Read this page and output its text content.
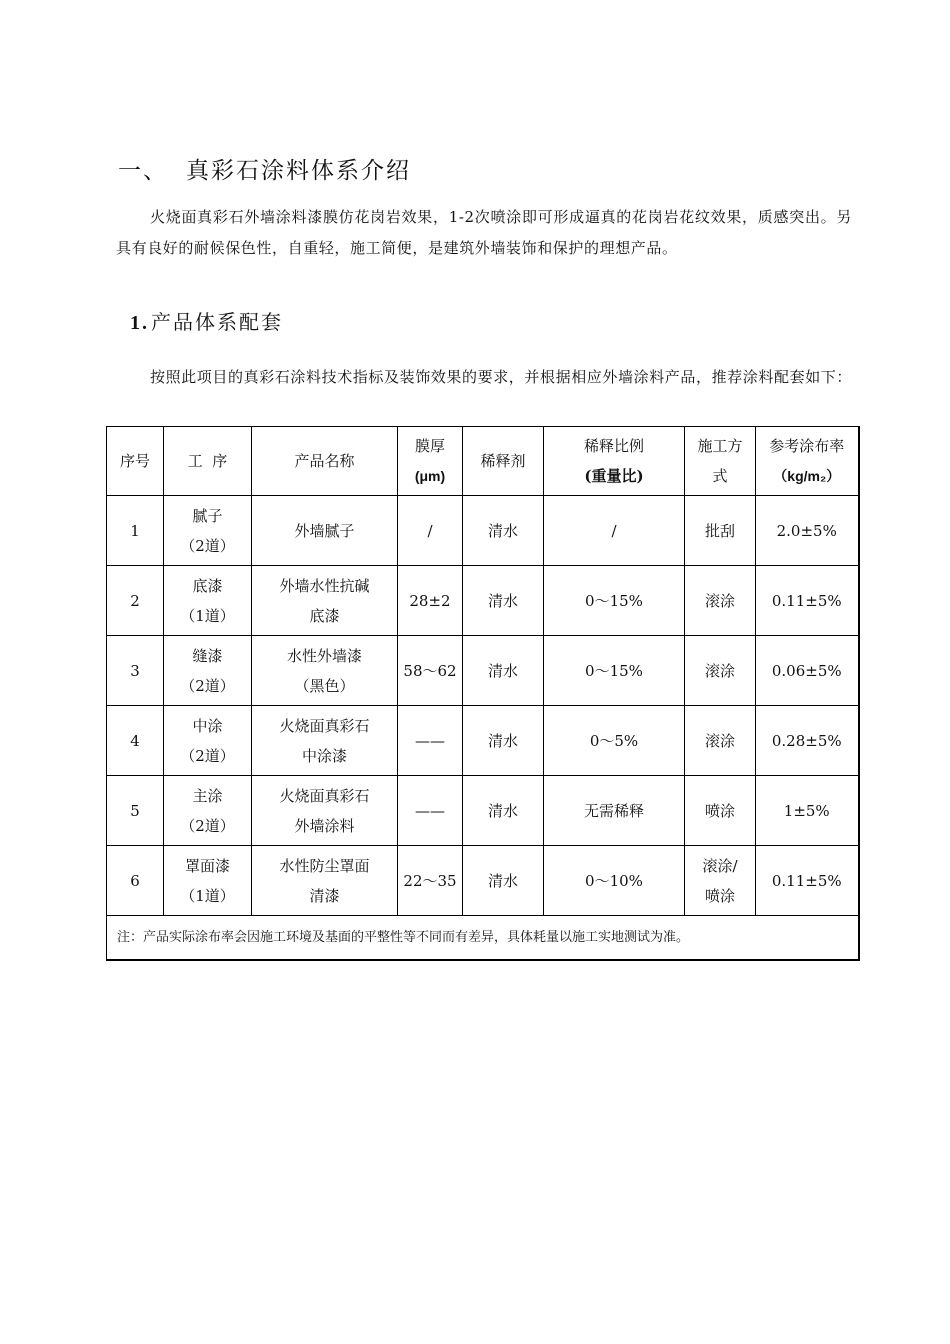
一、 真彩石涂料体系介绍
火烧面真彩石外墙涂料漆膜仿花岗岩效果，1-2次喷涂即可形成逼真的花岗岩花纹效果，质感突出。另具有良好的耐候保色性，自重轻，施工简便，是建筑外墙装饰和保护的理想产品。
1. 产品体系配套
按照此项目的真彩石涂料技术指标及装饰效果的要求，并根据相应外墙涂料产品，推荐涂料配套如下：
序号	工  序	产品名称	膜厚
(μm)	稀释剂	稀释比例
(重量比)	施工方
式	参考涂布率
（kg/m₂）

1	腻子
（2道）	外墙腻子	/	清水	/	批刮	2.0±5%

2	底漆
（1道）	外墙水性抗碱
底漆	28±2	清水	0～15%	滚涂	0.11±5%

3	缝漆
（2道）	水性外墙漆
（黑色）	58～62	清水	0～15%	滚涂	0.06±5%

4	中涂
（2道）	火烧面真彩石
中涂漆	——	清水	0～5%	滚涂	0.28±5%

5	主涂
（2道）	火烧面真彩石
外墙涂料	——	清水	无需稀释	喷涂	1±5%

6	罩面漆
（1道）	水性防尘罩面
清漆	22～35	清水	0～10%	滚涂/
喷涂	0.11±5%

注：产品实际涂布率会因施工环境及基面的平整性等不同而有差异，具体耗量以施工实地测试为准。							
